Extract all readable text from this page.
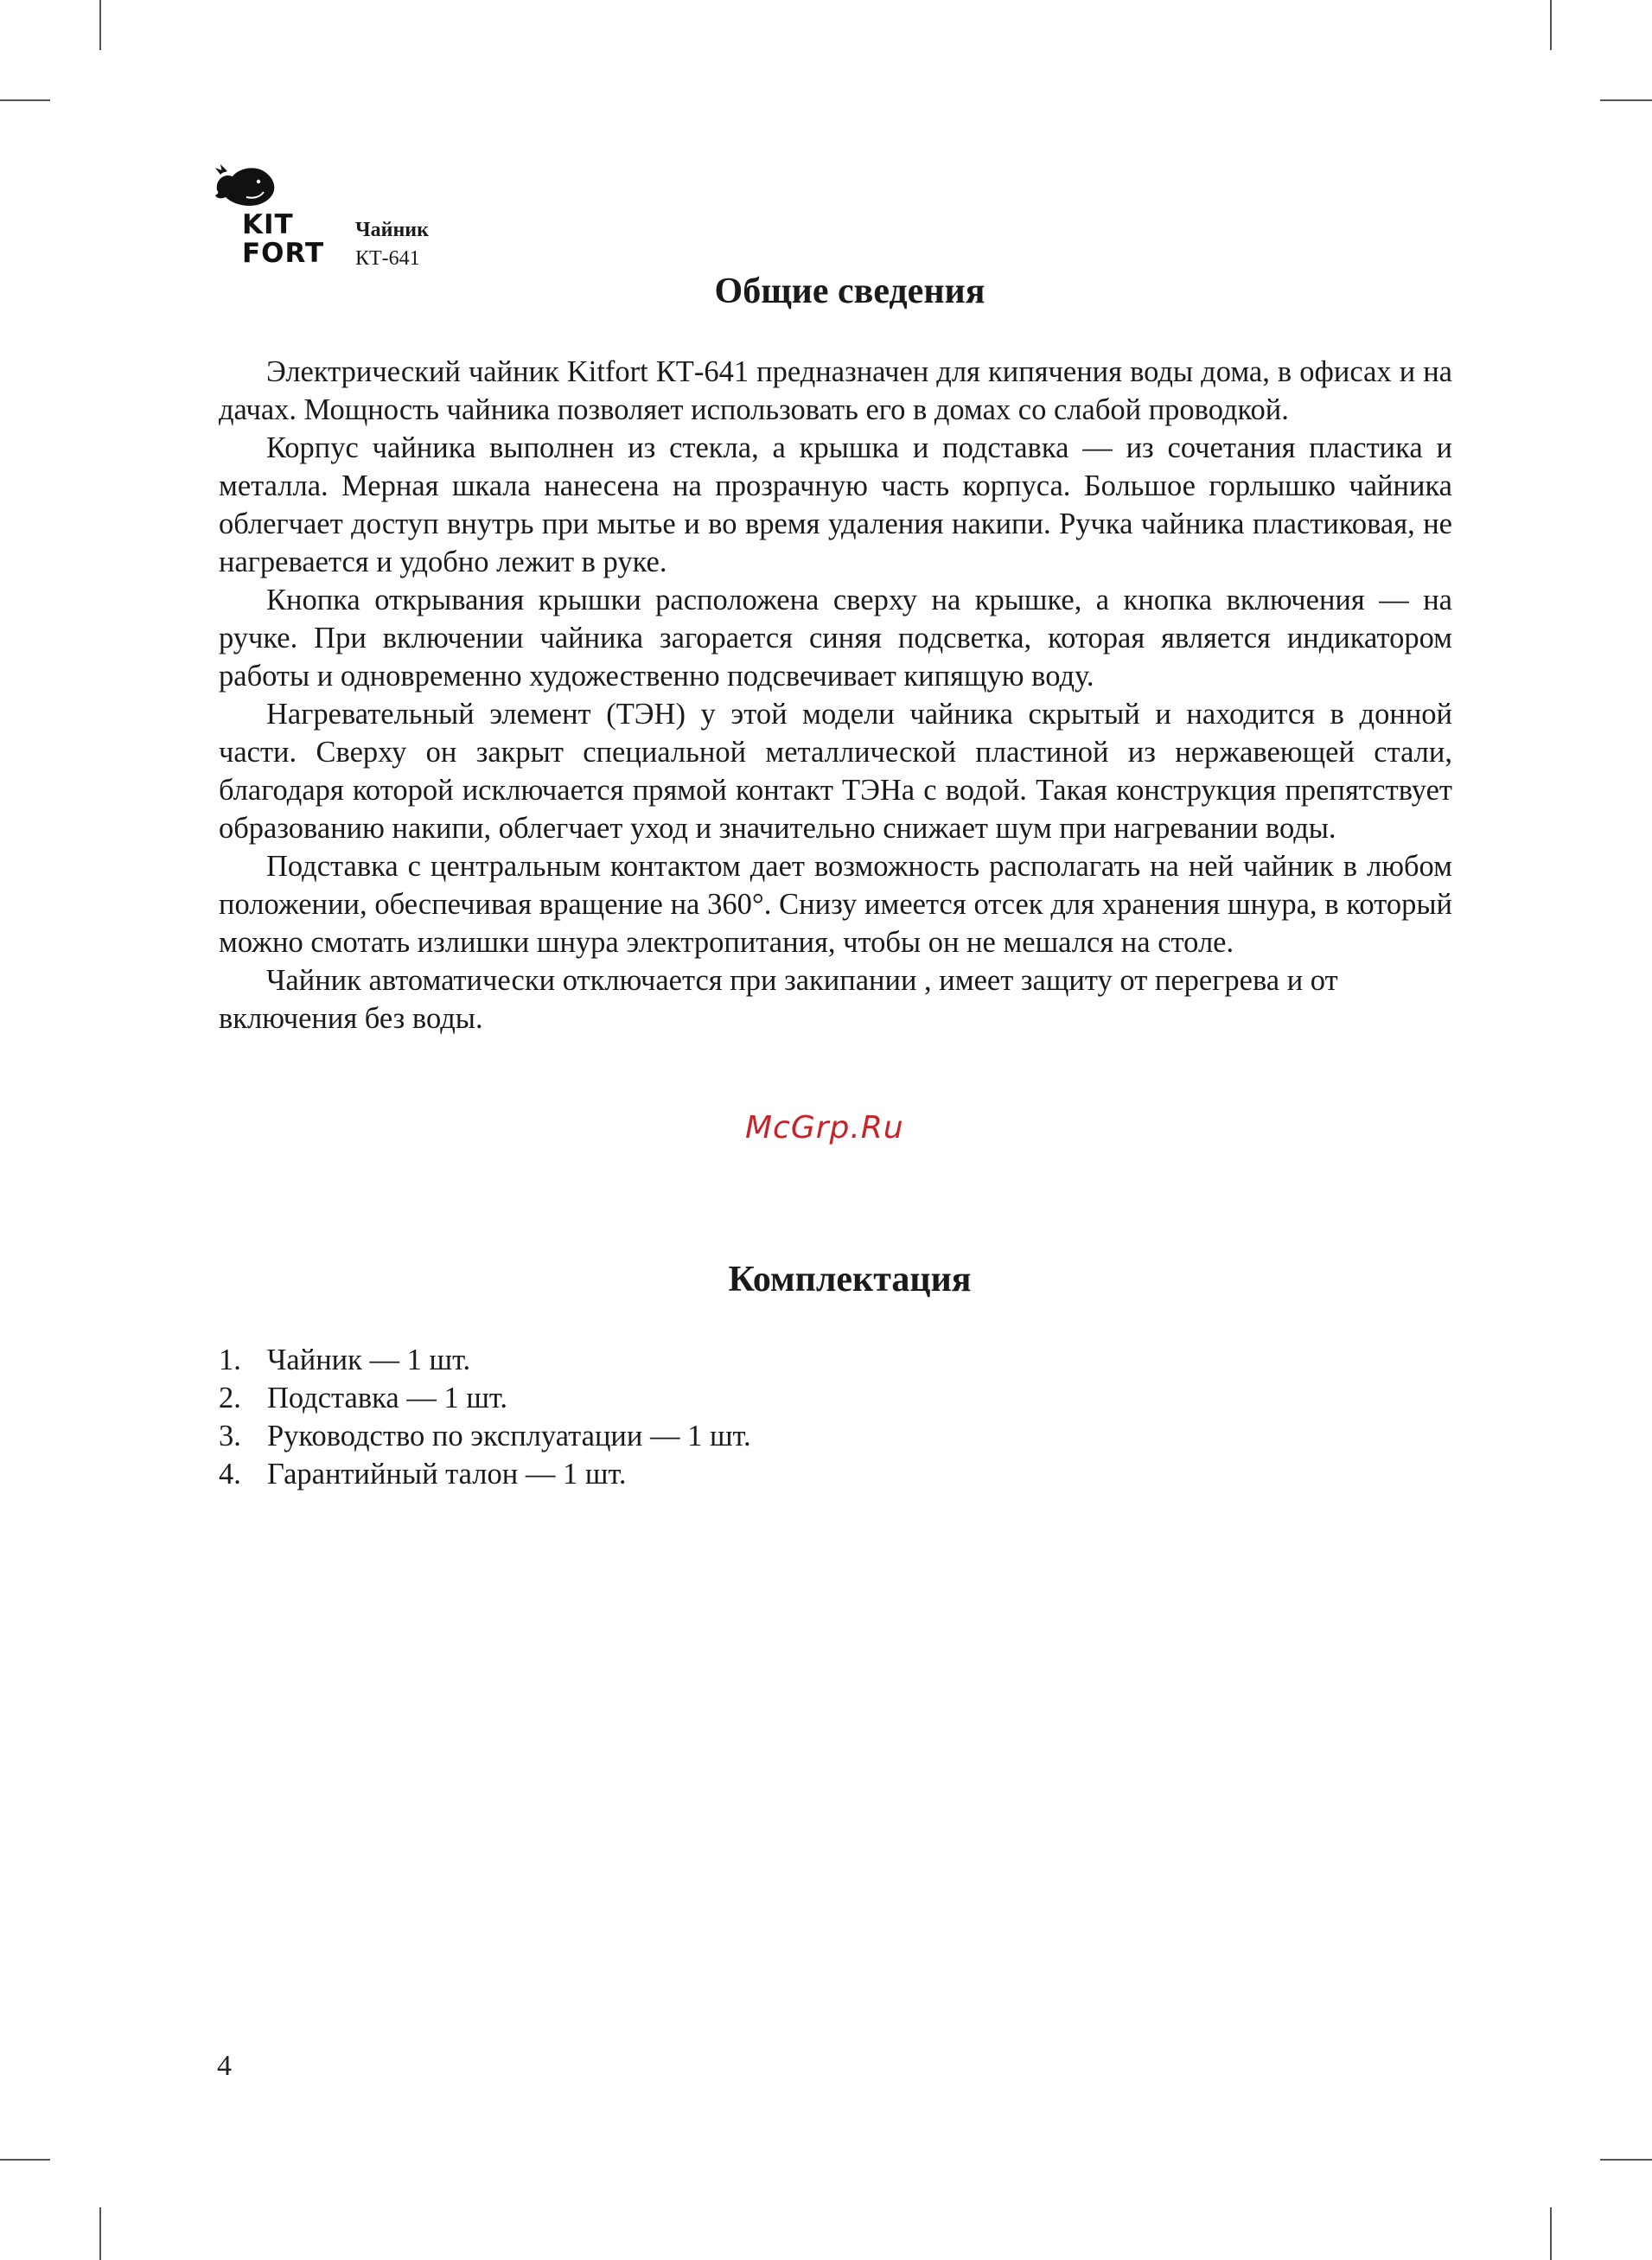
KIT
FORT
Чайник
КТ-641
Общие сведения

Электрический чайник Kitfort КТ-641 предназначен для кипячения воды дома, в офисах и на дачах. Мощность чайника позволяет использовать его в домах со слабой проводкой.

Корпус чайника выполнен из стекла, а крышка и подставка — из сочетания пластика и металла. Мерная шкала нанесена на прозрачную часть корпуса. Большое горлышко чайника облегчает доступ внутрь при мытье и во время удаления накипи. Ручка чайника пластиковая, не нагревается и удобно лежит в руке.

Кнопка открывания крышки расположена сверху на крышке, а кнопка включения — на ручке. При включении чайника загорается синяя подсветка, которая является индикатором работы и одновременно художественно подсвечивает кипящую воду.

Нагревательный элемент (ТЭН) у этой модели чайника скрытый и находится в донной части. Сверху он закрыт специальной металлической пластиной из нержавеющей стали, благодаря которой исключается прямой контакт ТЭНа с водой. Такая конструкция препятствует образованию накипи, облегчает уход и значительно снижает шум при нагревании воды.

Подставка с центральным контактом дает возможность располагать на ней чайник в любом положении, обеспечивая вращение на 360°. Снизу имеется отсек для хранения шнура, в который можно смотать излишки шнура электропитания, чтобы он не мешался на столе.

Чайник автоматически отключается при закипании , имеет защиту от перегрева и от включения без воды.

McGrp.Ru
Комплектация
1. Чайник — 1 шт.
2. Подставка — 1 шт.
3. Руководство по эксплуатации — 1 шт.
4. Гарантийный талон — 1 шт.
4
